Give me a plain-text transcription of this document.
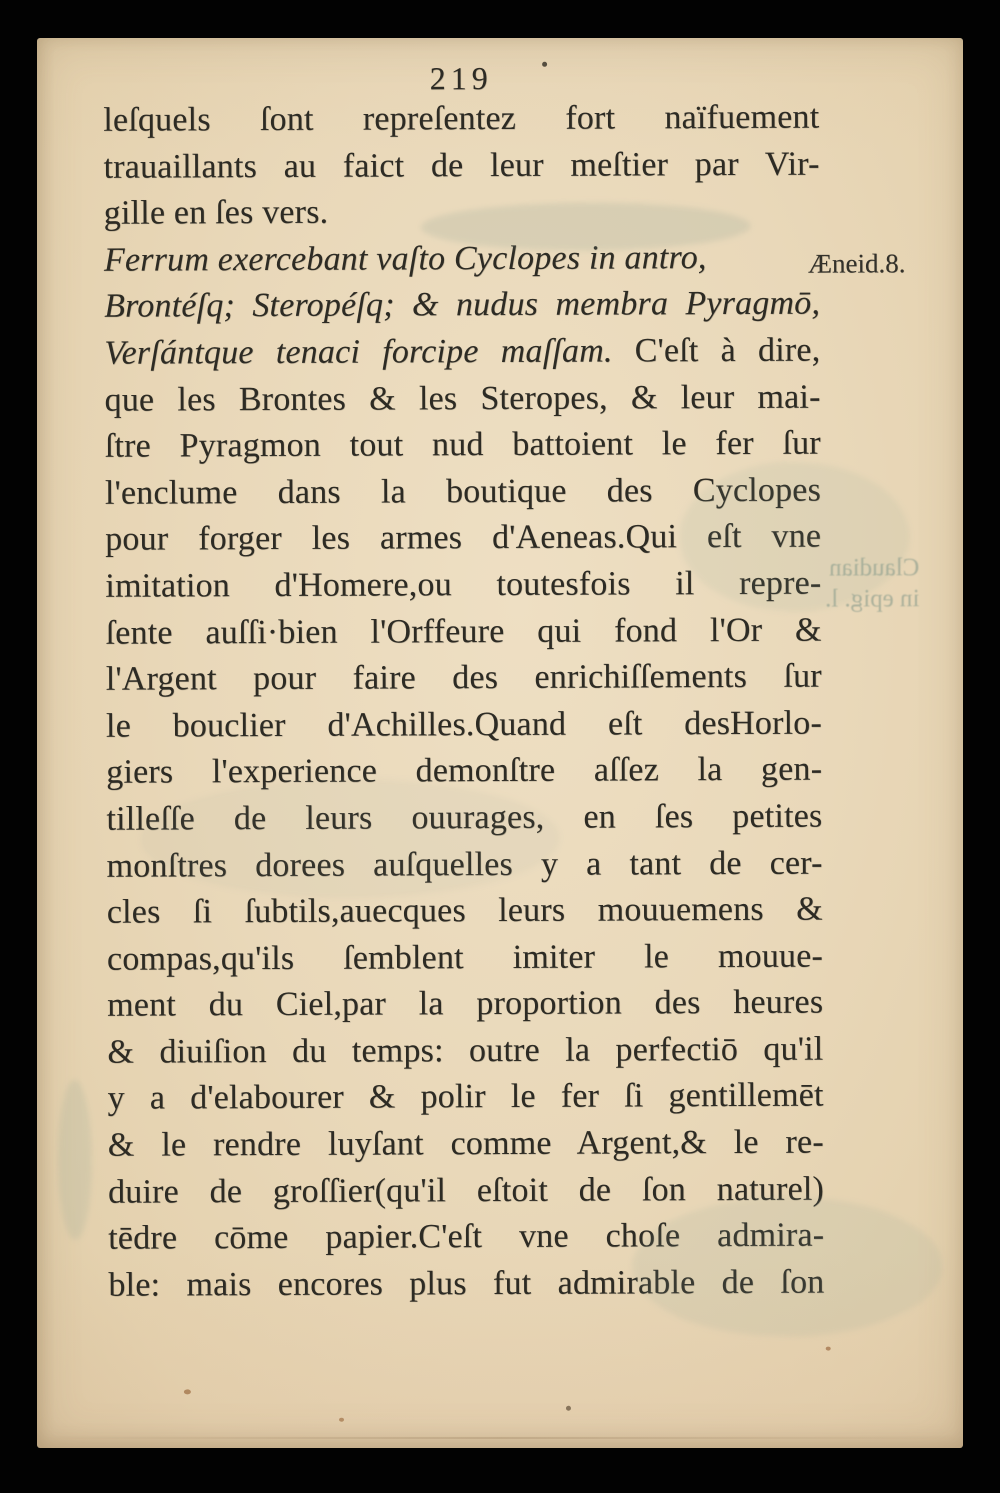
219
leſquels ſont repreſentez fort naïfuement
trauaillants au faict de leur meſtier par Vir-
gille en ſes vers.
Ferrum exercebant vaſto Cyclopes in antro,
Brontéſq; Steropéſq; & nudus membra Pyragmō,
Verſántque tenaci forcipe maſſam. C'eſt à dire,
que les Brontes & les Steropes, & leur mai-
ſtre Pyragmon tout nud battoient le fer ſur
l'enclume dans la boutique des Cyclopes
pour forger les armes d'Aeneas.Qui eſt vne
imitation d'Homere,ou toutesfois il repre-
ſente auſſi·bien l'Orffeure qui fond l'Or &
l'Argent pour faire des enrichiſſements ſur
le bouclier d'Achilles.Quand eſt desHorlo-
giers l'experience demonſtre aſſez la gen-
tilleſſe de leurs ouurages, en ſes petites
monſtres dorees auſquelles y a tant de cer-
cles ſi ſubtils,auecques leurs mouuemens &
compas,qu'ils ſemblent imiter le mouue-
ment du Ciel,par la proportion des heures
& diuiſion du temps: outre la perfectiō qu'il
y a d'elabourer & polir le fer ſi gentillemēt
& le rendre luyſant comme Argent,& le re-
duire de groſſier(qu'il eſtoit de ſon naturel)
tēdre cōme papier.C'eſt vne choſe admira-
ble: mais encores plus fut admirable de ſon
Æneid.8.
Claudian
in epig. l.
